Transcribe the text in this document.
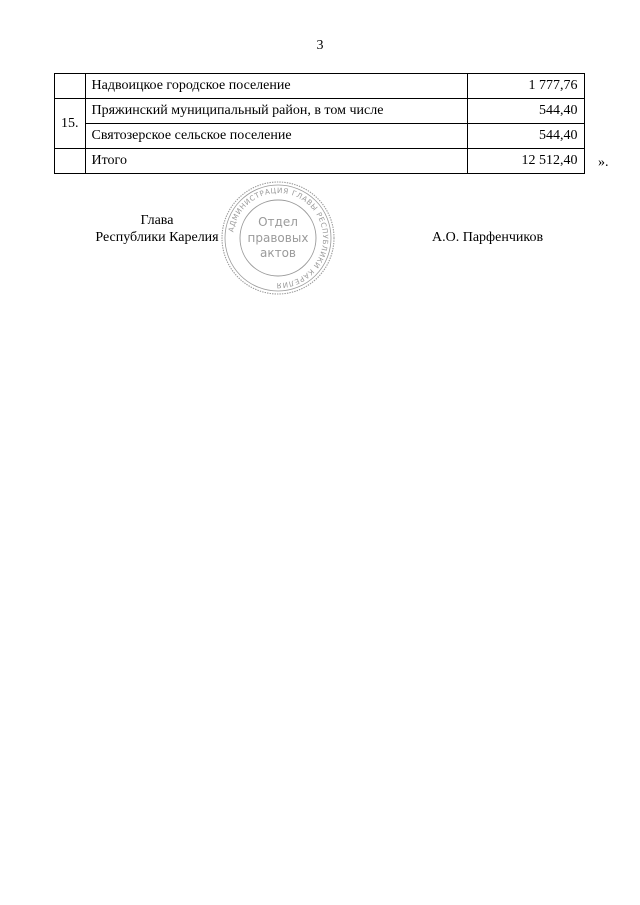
3
	Надвоицкое городское поселение	1 777,76
15.	Пряжинский муниципальный район, в том числе	544,40
	Святозерское сельское поселение	544,40
	Итого	12 512,40 ».
Глава
Республики Карелия	А.О. Парфенчиков
АДМИНИСТРАЦИЯ ГЛАВЫ РЕСПУБЛИКИ КАРЕЛИЯ
Отдел
правовых
актов
